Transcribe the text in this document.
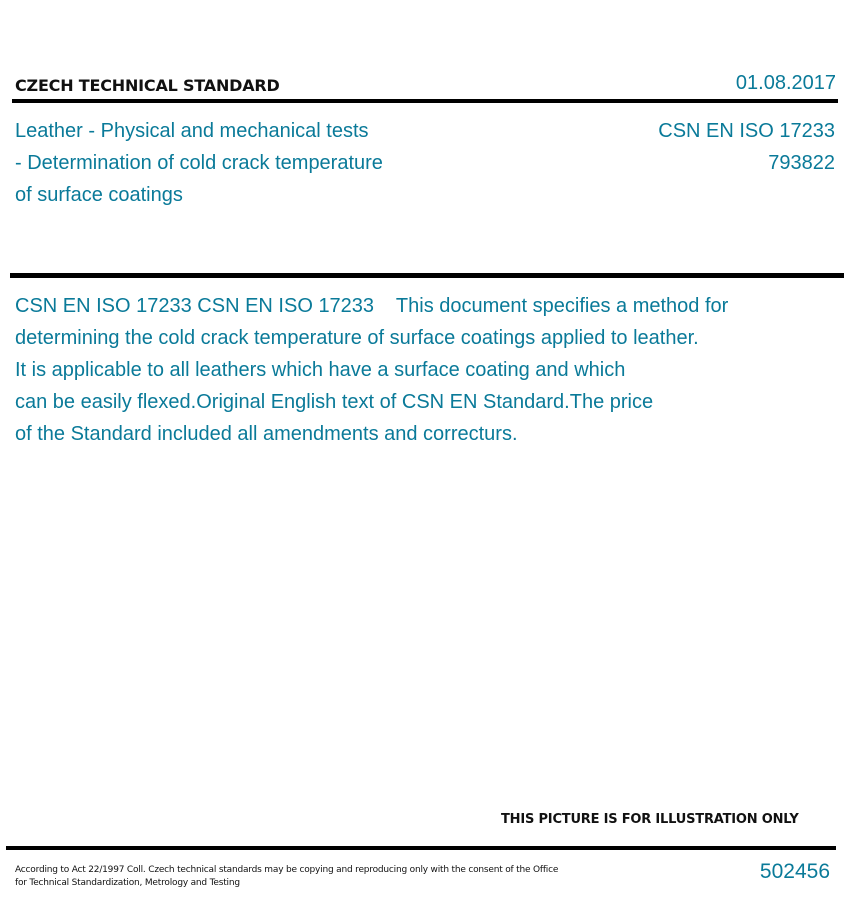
CZECH TECHNICAL STANDARD	01.08.2017
Leather - Physical and mechanical tests
- Determination of cold crack temperature
of surface coatings
CSN EN ISO 17233
793822
CSN EN ISO 17233 CSN EN ISO 17233    This document specifies a method for
determining the cold crack temperature of surface coatings applied to leather.
It is applicable to all leathers which have a surface coating and which
can be easily flexed.Original English text of CSN EN Standard.The price
of the Standard included all amendments and correcturs.
THIS PICTURE IS FOR ILLUSTRATION ONLY
According to Act 22/1997 Coll. Czech technical standards may be copying and reproducing only with the consent of the Office
for Technical Standardization, Metrology and Testing	502456
